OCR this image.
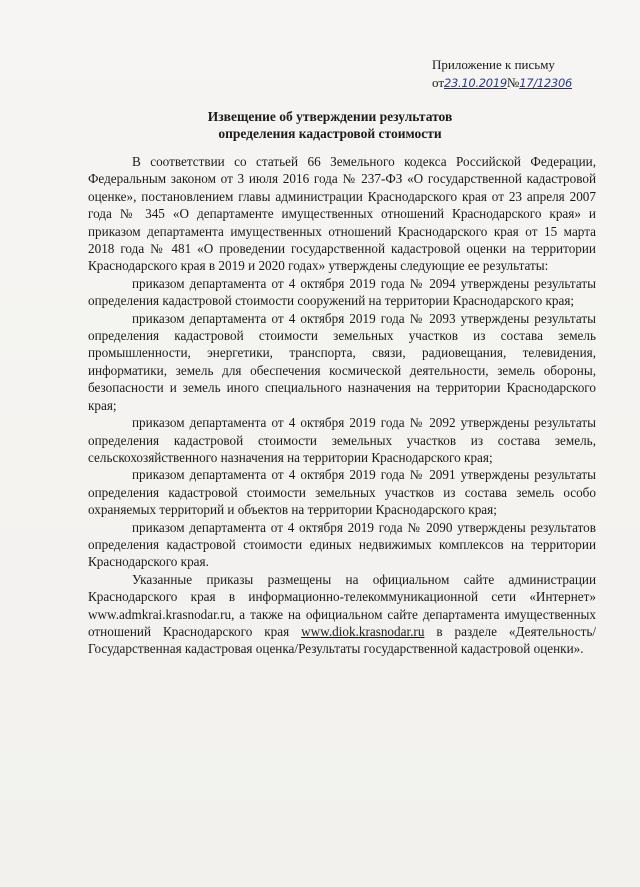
Приложение к письму
от23.10.2019№17/12306
Извещение об утверждении результатов
определения кадастровой стоимости

В соответствии со статьей 66 Земельного кодекса Российской Федерации, Федеральным законом от 3 июля 2016 года № 237-ФЗ «О государственной кадастровой оценке», постановлением главы администрации Краснодарского края от 23 апреля 2007 года № 345 «О департаменте имущественных отношений Краснодарского края» и приказом департамента имущественных отношений Краснодарского края от 15 марта 2018 года № 481 «О проведении государственной кадастровой оценки на территории Краснодарского края в 2019 и 2020 годах» утверждены следующие ее результаты:

приказом департамента от 4 октября 2019 года № 2094 утверждены результаты определения кадастровой стоимости сооружений на территории Краснодарского края;

приказом департамента от 4 октября 2019 года № 2093 утверждены результаты определения кадастровой стоимости земельных участков из состава земель промышленности, энергетики, транспорта, связи, радиовещания, телевидения, информатики, земель для обеспечения космической деятельности, земель обороны, безопасности и земель иного специального назначения на территории Краснодарского края;

приказом департамента от 4 октября 2019 года № 2092 утверждены результаты определения кадастровой стоимости земельных участков из состава земель, сельскохозяйственного назначения на территории Краснодарского края;

приказом департамента от 4 октября 2019 года № 2091 утверждены результаты определения кадастровой стоимости земельных участков из состава земель особо охраняемых территорий и объектов на территории Краснодарского края;

приказом департамента от 4 октября 2019 года № 2090 утверждены результатов определения кадастровой стоимости единых недвижимых комплексов на территории Краснодарского края.

Указанные приказы размещены на официальном сайте администрации Краснодарского края в информационно-телекоммуникационной сети «Интернет» www.admkrai.krasnodar.ru, а также на официальном сайте департамента имущественных отношений Краснодарского края www.diok.krasnodar.ru в разделе «Деятельность/Государственная кадастровая оценка/Результаты государственной кадастровой оценки».
